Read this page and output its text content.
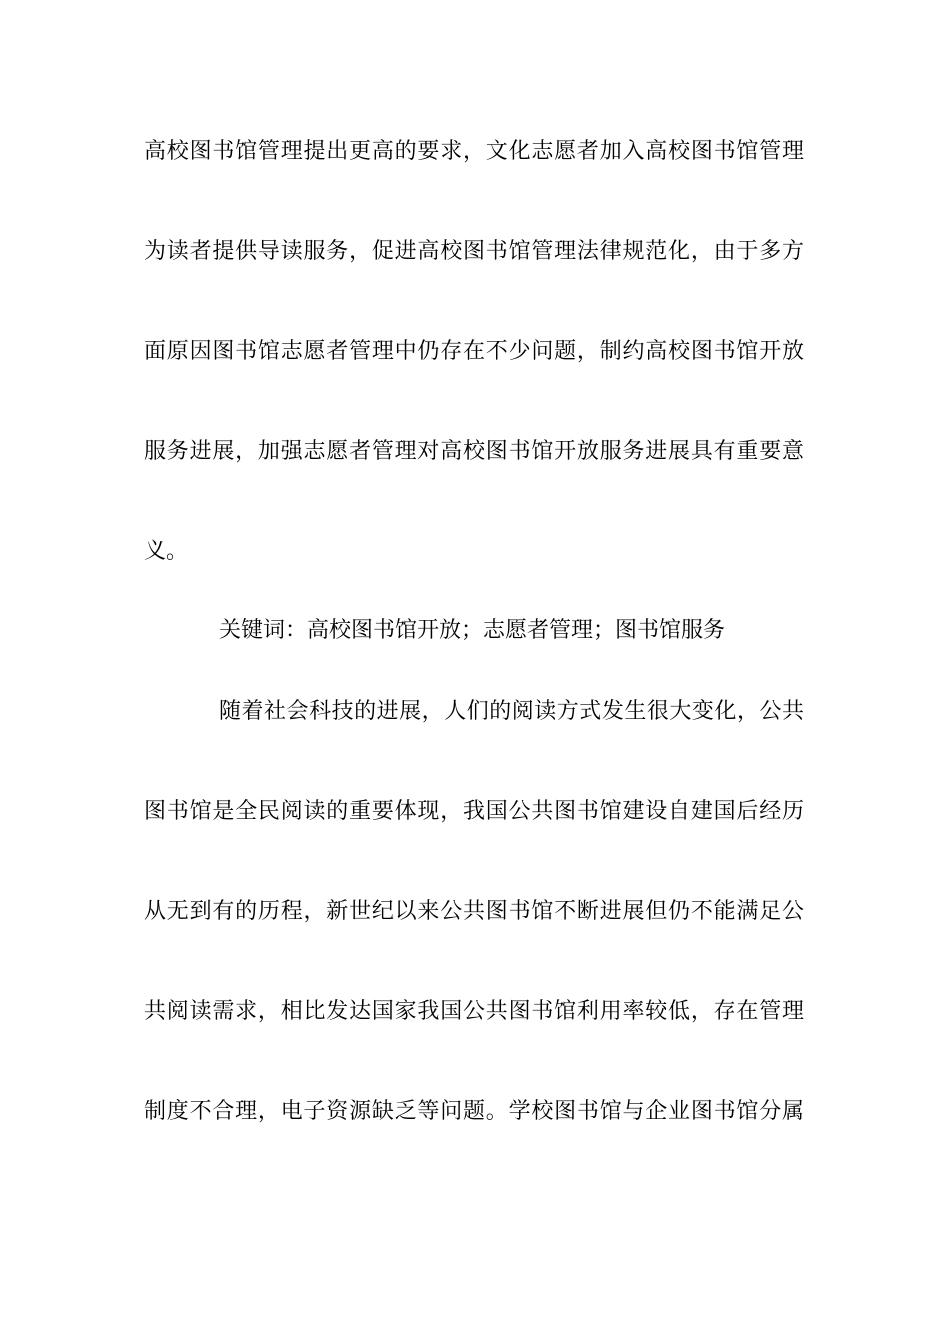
高校图书馆管理提出更高的要求，文化志愿者加入高校图书馆管理
为读者提供导读服务，促进高校图书馆管理法律规范化，由于多方
面原因图书馆志愿者管理中仍存在不少问题，制约高校图书馆开放
服务进展，加强志愿者管理对高校图书馆开放服务进展具有重要意
义。
关键词：高校图书馆开放；志愿者管理；图书馆服务
随着社会科技的进展，人们的阅读方式发生很大变化，公共
图书馆是全民阅读的重要体现，我国公共图书馆建设自建国后经历
从无到有的历程，新世纪以来公共图书馆不断进展但仍不能满足公
共阅读需求，相比发达国家我国公共图书馆利用率较低，存在管理
制度不合理，电子资源缺乏等问题。学校图书馆与企业图书馆分属
